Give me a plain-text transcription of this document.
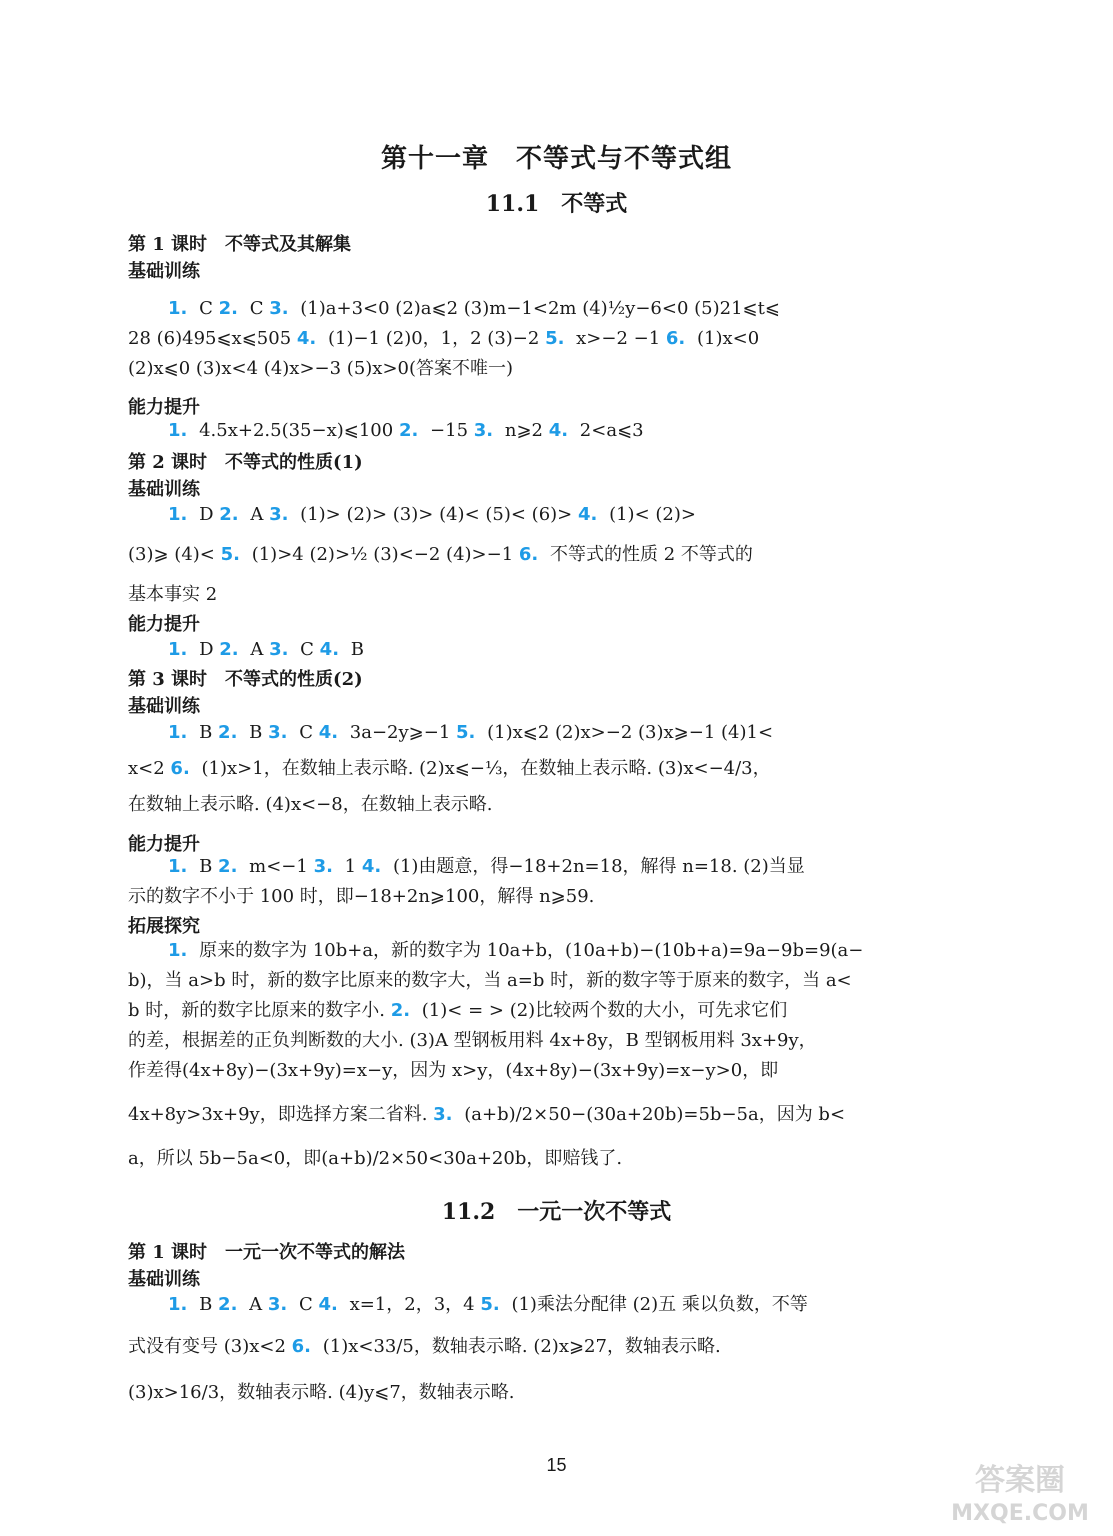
第十一章　不等式与不等式组
11.1　不等式
第 1 课时　不等式及其解集
基础训练

1. C 2. C 3. (1)a+3<0 (2)a⩽2 (3)m−1<2m (4)½y−6<0 (5)21⩽t⩽

28 (6)495⩽x⩽505 4. (1)−1 (2)0，1，2 (3)−2 5. x>−2 −1 6. (1)x<0

(2)x⩽0 (3)x<4 (4)x>−3 (5)x>0(答案不唯一)

能力提升

1. 4.5x+2.5(35−x)⩽100 2. −15 3. n⩾2 4. 2<a⩽3

第 2 课时　不等式的性质(1)
基础训练

1. D 2. A 3. (1)> (2)> (3)> (4)< (5)< (6)> 4. (1)< (2)>

(3)⩾ (4)< 5. (1)>4 (2)>½ (3)<−2 (4)>−1 6. 不等式的性质 2 不等式的

基本事实 2

能力提升

1. D 2. A 3. C 4. B

第 3 课时　不等式的性质(2)
基础训练

1. B 2. B 3. C 4. 3a−2y⩾−1 5. (1)x⩽2 (2)x>−2 (3)x⩾−1 (4)1<

x<2 6. (1)x>1，在数轴上表示略. (2)x⩽−⅓，在数轴上表示略. (3)x<−4/3，

在数轴上表示略. (4)x<−8，在数轴上表示略.

能力提升

1. B 2. m<−1 3. 1 4. (1)由题意，得−18+2n=18，解得 n=18. (2)当显

示的数字不小于 100 时，即−18+2n⩾100，解得 n⩾59.

拓展探究

1. 原来的数字为 10b+a，新的数字为 10a+b，(10a+b)−(10b+a)=9a−9b=9(a−

b)，当 a>b 时，新的数字比原来的数字大，当 a=b 时，新的数字等于原来的数字，当 a<

b 时，新的数字比原来的数字小. 2. (1)< = > (2)比较两个数的大小，可先求它们

的差，根据差的正负判断数的大小. (3)A 型钢板用料 4x+8y，B 型钢板用料 3x+9y，

作差得(4x+8y)−(3x+9y)=x−y，因为 x>y，(4x+8y)−(3x+9y)=x−y>0，即

4x+8y>3x+9y，即选择方案二省料. 3. (a+b)/2×50−(30a+20b)=5b−5a，因为 b<

a，所以 5b−5a<0，即(a+b)/2×50<30a+20b，即赔钱了.

11.2　一元一次不等式
第 1 课时　一元一次不等式的解法
基础训练

1. B 2. A 3. C 4. x=1，2，3，4 5. (1)乘法分配律 (2)五 乘以负数，不等

式没有变号 (3)x<2 6. (1)x<33/5，数轴表示略. (2)x⩾27，数轴表示略.

(3)x>16/3，数轴表示略. (4)y⩽7，数轴表示略.

15	答案圈
MXQE.COM
